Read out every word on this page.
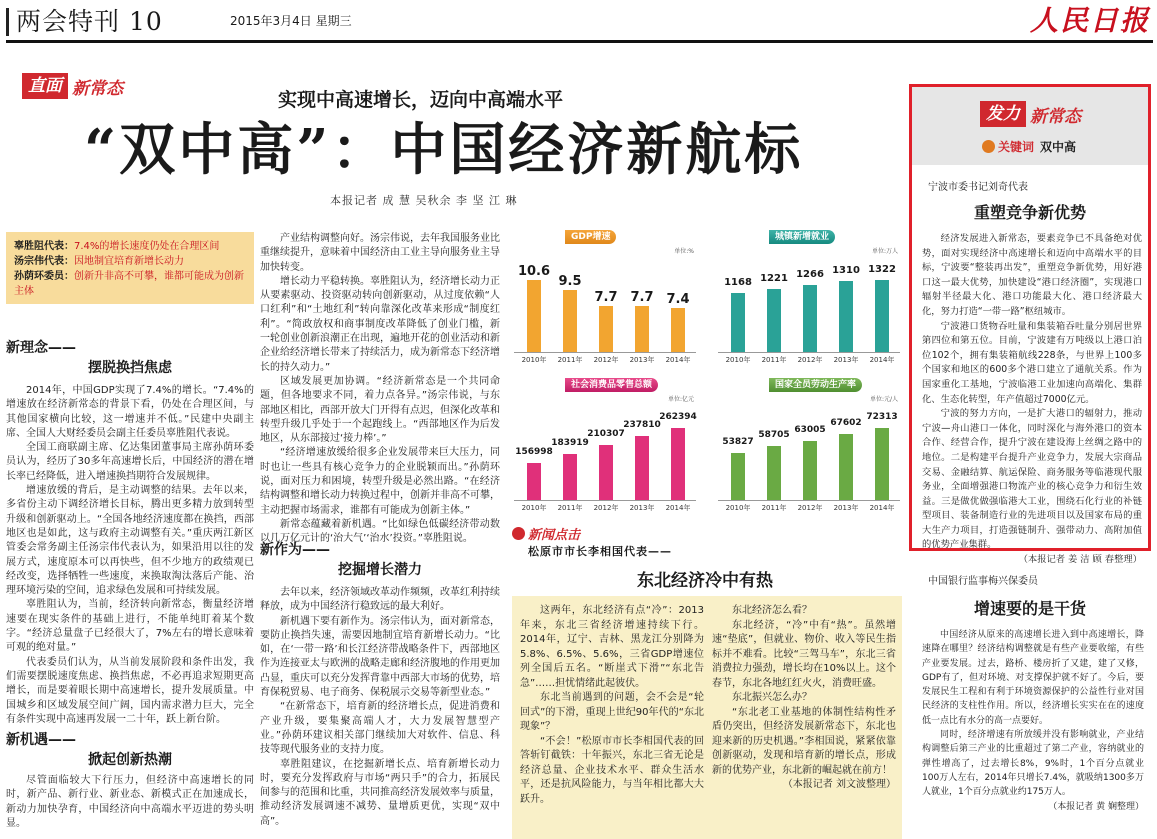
两会特刊 10	2015年3月4日 星期三	人民日报
直面 新常态
实现中高速增长，迈向中高端水平
“双中高”：中国经济新航标
本报记者 成 慧 吴秋余 李 坚 江 琳
辜胜阻代表：7.4%的增长速度仍处在合理区间
汤宗伟代表：因地制宜培育新增长动力
孙荫环委员：创新升非高不可攀，谁都可能成为创新主体
新理念——
摆脱换挡焦虑

2014年，中国GDP实现了7.4%的增长。“7.4%的增速放在经济新常态的背景下看，仍处在合理区间，与其他国家横向比较，这一增速并不低。”民建中央副主席、全国人大财经委员会副主任委员辜胜阻代表说。

全国工商联副主席、亿达集团董事局主席孙荫环委员认为，经历了30多年高速增长后，中国经济的潜在增长率已经降低，进入增速换挡期符合发展规律。

增速放缓的背后，是主动调整的结果。去年以来，多省份主动下调经济增长目标，腾出更多精力放到转型升级和创新驱动上。“全国各地经济速度都在换挡，西部地区也是如此，这与政府主动调整有关。”重庆两江新区管委会常务副主任汤宗伟代表认为，如果沿用以往的发展方式，速度原本可以再快些，但不少地方的政绩观已经改变，选择牺牲一些速度，来换取淘汰落后产能、治理环境污染的空间，追求绿色发展和可持续发展。

辜胜阻认为，当前，经济转向新常态，衡量经济增速要在现实条件的基础上进行，不能单纯盯着某个数字。“经济总量盘子已经很大了，7%左右的增长意味着可观的绝对量。”

代表委员们认为，从当前发展阶段和条件出发，我们需要摆脱速度焦虑、换挡焦虑，不必再追求短期更高增长，而是要着眼长期中高速增长，提升发展质量。中国城乡和区域发展空间广阔，国内需求潜力巨大，完全有条件实现中高速再发展一二十年，跃上新台阶。

新机遇——
掀起创新热潮

尽管面临较大下行压力，但经济中高速增长的同时，新产品、新行业、新业态、新模式正在加速成长，新动力加快孕育，中国经济向中高端水平迈进的势头明显。

产业结构调整向好。汤宗伟说，去年我国服务业比重继续提升，意味着中国经济由工业主导向服务业主导加快转变。

增长动力平稳转换。辜胜阻认为，经济增长动力正从要素驱动、投资驱动转向创新驱动，从过度依赖“人口红利”和“土地红利”转向靠深化改革来形成“制度红利”。“简政放权和商事制度改革降低了创业门槛，新一轮创业创新浪潮正在出现，遍地开花的创业活动和新企业给经济增长带来了持续活力，成为新常态下经济增长的持久动力。”

区域发展更加协调。“经济新常态是一个共同命题，但各地要求不同，着力点各异。”汤宗伟说，与东部地区相比，西部开放大门开得有点迟，但深化改革和转型升级几乎处于一个起跑线上。“西部地区作为后发地区，从东部接过‘接力棒’。”

“经济增速放缓给很多企业发展带来巨大压力，同时也让一些具有核心竞争力的企业脱颖而出。”孙荫环说，面对压力和困境，转型升级是必然出路。“在经济结构调整和增长动力转换过程中，创新并非高不可攀，主动把握市场需求，谁都有可能成为创新主体。”

新常态蕴藏着新机遇。“比如绿色低碳经济带动数以几万亿元计的‘治大气’‘治水’投资。”辜胜阻说。

新作为——
挖掘增长潜力

去年以来，经济领域改革动作频频，改革红利持续释放，成为中国经济行稳致远的最大利好。

新机遇下要有新作为。汤宗伟认为，面对新常态，要防止换挡失速，需要因地制宜培育新增长动力。“比如，在‘一带一路’和长江经济带战略条件下，西部地区作为连接亚太与欧洲的战略走廊和经济腹地的作用更加凸显，重庆可以充分发挥背靠中西部大市场的优势，培育保税贸易、电子商务、保税展示交易等新型业态。”

“在新常态下，培育新的经济增长点，促进消费和产业升级，要集聚高端人才，大力发展智慧型产业。”孙荫环建议相关部门继续加大对软件、信息、科技等现代服务业的支持力度。

辜胜阻建议，在挖掘新增长点、培育新增长动力时，要充分发挥政府与市场“两只手”的合力，拓展民间参与的范围和比重，共同推高经济发展效率与质量，推动经济发展调速不减势、量增质更优，实现“双中高”。

GDP增速
单位:%
10.6
2010年
9.5
2011年
7.7
2012年
7.7
2013年
7.4
2014年
城镇新增就业
单位:万人
1168
2010年
1221
2011年
1266
2012年
1310
2013年
1322
2014年
社会消费品零售总额
单位:亿元
156998
2010年
183919
2011年
210307
2012年
237810
2013年
262394
2014年
国家全员劳动生产率
单位:元/人
53827
2010年
58705
2011年
63005
2012年
67602
2013年
72313
2014年
新闻点击
松原市市长李相国代表——
东北经济冷中有热

这两年，东北经济有点“冷”：2013年来，东北三省经济增速持续下行。2014年，辽宁、吉林、黑龙江分别降为5.8%、6.5%、5.6%，三省GDP增速位列全国后五名。“断崖式下滑”“东北告急”……担忧情绪此起彼伏。

东北当前遇到的问题，会不会是“轮回式”的下滑，重现上世纪90年代的“东北现象”？

“不会！”松原市市长李相国代表的回答斩钉截铁：十年振兴，东北三省无论是经济总量、企业技术水平、群众生活水平，还是抗风险能力，与当年相比都大大跃升。

东北经济怎么看？

东北经济，“冷”中有“热”。虽然增速“垫底”，但就业、物价、收入等民生指标并不难看。比较“三驾马车”，东北三省消费拉力强劲，增长均在10%以上。这个春节，东北各地红红火火，消费旺盛。

东北振兴怎么办？

“东北老工业基地的体制性结构性矛盾仍突出，但经济发展新常态下，东北也迎来新的历史机遇。”李相国说，紧紧依靠创新驱动，发现和培育新的增长点，形成新的优势产业，东北新的崛起就在前方！

（本报记者 刘文波整理）

发力 新常态
关键词 双中高
宁波市委书记刘奇代表
重塑竞争新优势

经济发展进入新常态，要素竞争已不具备绝对优势，面对实现经济中高速增长和迈向中高端水平的目标，宁波要“整装再出发”，重塑竞争新优势，用好港口这一最大优势，加快建设“港口经济圈”，实现港口辐射半径最大化、港口功能最大化、港口经济最大化，努力打造“一带一路”枢纽城市。

宁波港口货物吞吐量和集装箱吞吐量分别居世界第四位和第五位。目前，宁波建有万吨级以上港口泊位102个，拥有集装箱航线228条，与世界上100多个国家和地区的600多个港口建立了通航关系。作为国家重化工基地，宁波临港工业加速向高端化、集群化、生态化转型，年产值超过7000亿元。

宁波的努力方向，一是扩大港口的辐射力，推动宁波—舟山港口一体化，同时深化与海外港口的资本合作、经营合作，提升宁波在建设海上丝绸之路中的地位。二是构建平台提升产业竞争力，发展大宗商品交易、金融结算、航运保险、商务服务等临港现代服务业，全面增强港口物流产业的核心竞争力和衍生效益。三是做优做强临港大工业，围绕石化行业的补链型项目、装备制造行业的先进项目以及国家布局的重大生产力项目，打造强链制升、强带动力、高附加值的优势产业集群。

（本报记者 姜 洁 顾 春整理）

中国银行监事梅兴保委员
增速要的是干货

中国经济从原来的高速增长进入到中高速增长，降速降在哪里？经济结构调整就是有些产业要收缩，有些产业要发展。过去，路桥、楼房折了又建，建了又修，GDP有了，但对环境、对支撑保护就不好了。今后，要发展民生工程和有利于环境资源保护的公益性行业对国民经济的支柱性作用。所以，经济增长实实在在的速度低一点比有水分的高一点要好。

同时，经济增速有所放缓并没有影响就业，产业结构调整后第三产业的比重超过了第二产业，容纳就业的弹性增高了，过去增长8%，9%时，1个百分点就业100万人左右，2014年只增长7.4%，就吸纳1300多万人就业，1个百分点就业约175万人。

（本报记者 黄 娴整理）
